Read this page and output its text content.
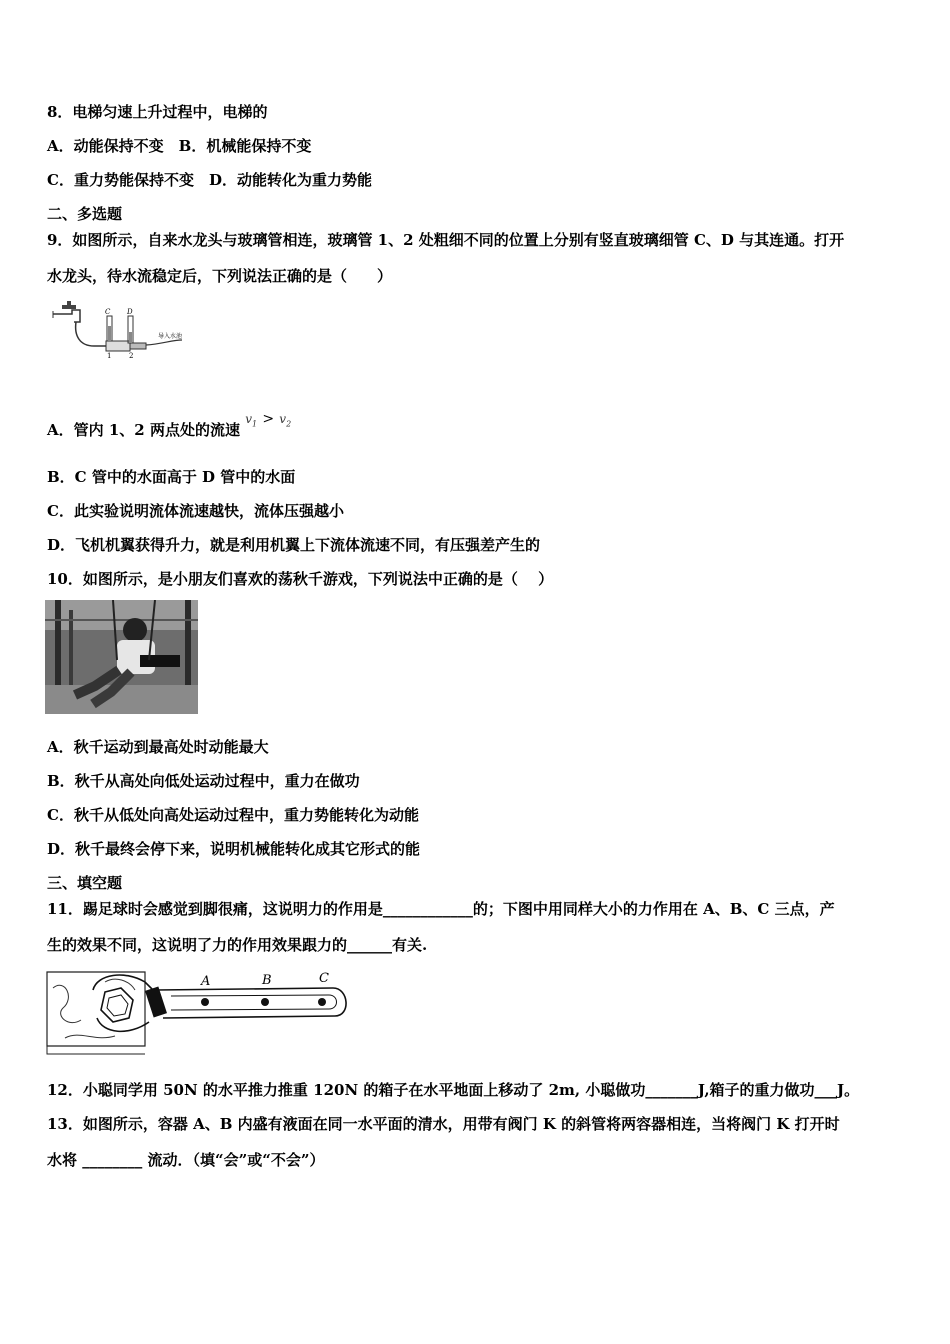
8．电梯匀速上升过程中，电梯的
A．动能保持不变　B．机械能保持不变
C．重力势能保持不变　D．动能转化为重力势能
二、多选题
9．如图所示，自来水龙头与玻璃管相连，玻璃管 1、2 处粗细不同的位置上分别有竖直玻璃细管 C、D 与其连通。打开
水龙头，待水流稳定后，下列说法正确的是（　　）
C D
1	2
导入水池
A．管内 1、2 两点处的流速 $v_1 > v_2$
B．C 管中的水面高于 D 管中的水面
C．此实验说明流体流速越快，流体压强越小
D．飞机机翼获得升力，就是利用机翼上下流体流速不同，有压强差产生的
10．如图所示，是小朋友们喜欢的荡秋千游戏，下列说法中正确的是（　 ）
A．秋千运动到最高处时动能最大
B．秋千从高处向低处运动过程中，重力在做功
C．秋千从低处向高处运动过程中，重力势能转化为动能
D．秋千最终会停下来，说明机械能转化成其它形式的能
三、填空题
11．踢足球时会感觉到脚很痛，这说明力的作用是____________的；下图中用同样大小的力作用在 A、B、C 三点，产
生的效果不同，这说明了力的作用效果跟力的______有关.
A	B	C
12．小聪同学用 50N 的水平推力推重 120N 的箱子在水平地面上移动了 2m, 小聪做功_______J,箱子的重力做功___J。
13．如图所示，容器 A、B 内盛有液面在同一水平面的清水，用带有阀门 K 的斜管将两容器相连，当将阀门 K 打开时
水将 ________ 流动．（填“会”或“不会”）
